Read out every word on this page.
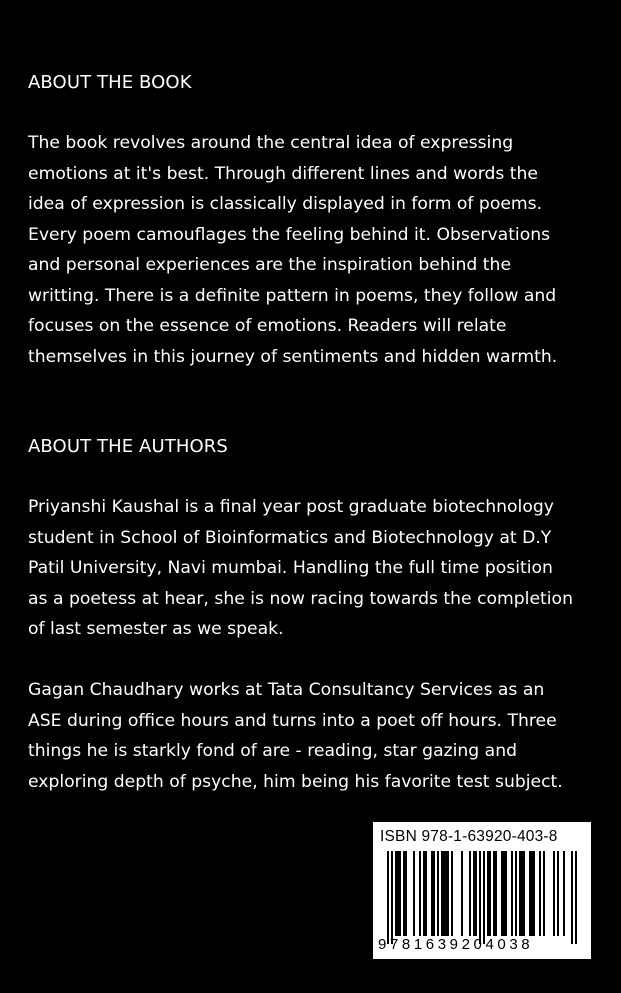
ABOUT THE BOOK

The book revolves around the central idea of expressing
emotions at it's best. Through different lines and words the
idea of expression is classically displayed in form of poems.
Every poem camouflages the feeling behind it. Observations
and personal experiences are the inspiration behind the
writting. There is a definite pattern in poems, they follow and
focuses on the essence of emotions. Readers will relate
themselves in this journey of sentiments and hidden warmth.

ABOUT THE AUTHORS

Priyanshi Kaushal is a final year post graduate biotechnology
student in School of Bioinformatics and Biotechnology at D.Y
Patil University, Navi mumbai. Handling the full time position
as a poetess at hear, she is now racing towards the completion
of last semester as we speak.

Gagan Chaudhary works at Tata Consultancy Services as an
ASE during office hours and turns into a poet off hours. Three
things he is starkly fond of are - reading, star gazing and
exploring depth of psyche, him being his favorite test subject.

ISBN 978-1-63920-403-8
9781639204038
